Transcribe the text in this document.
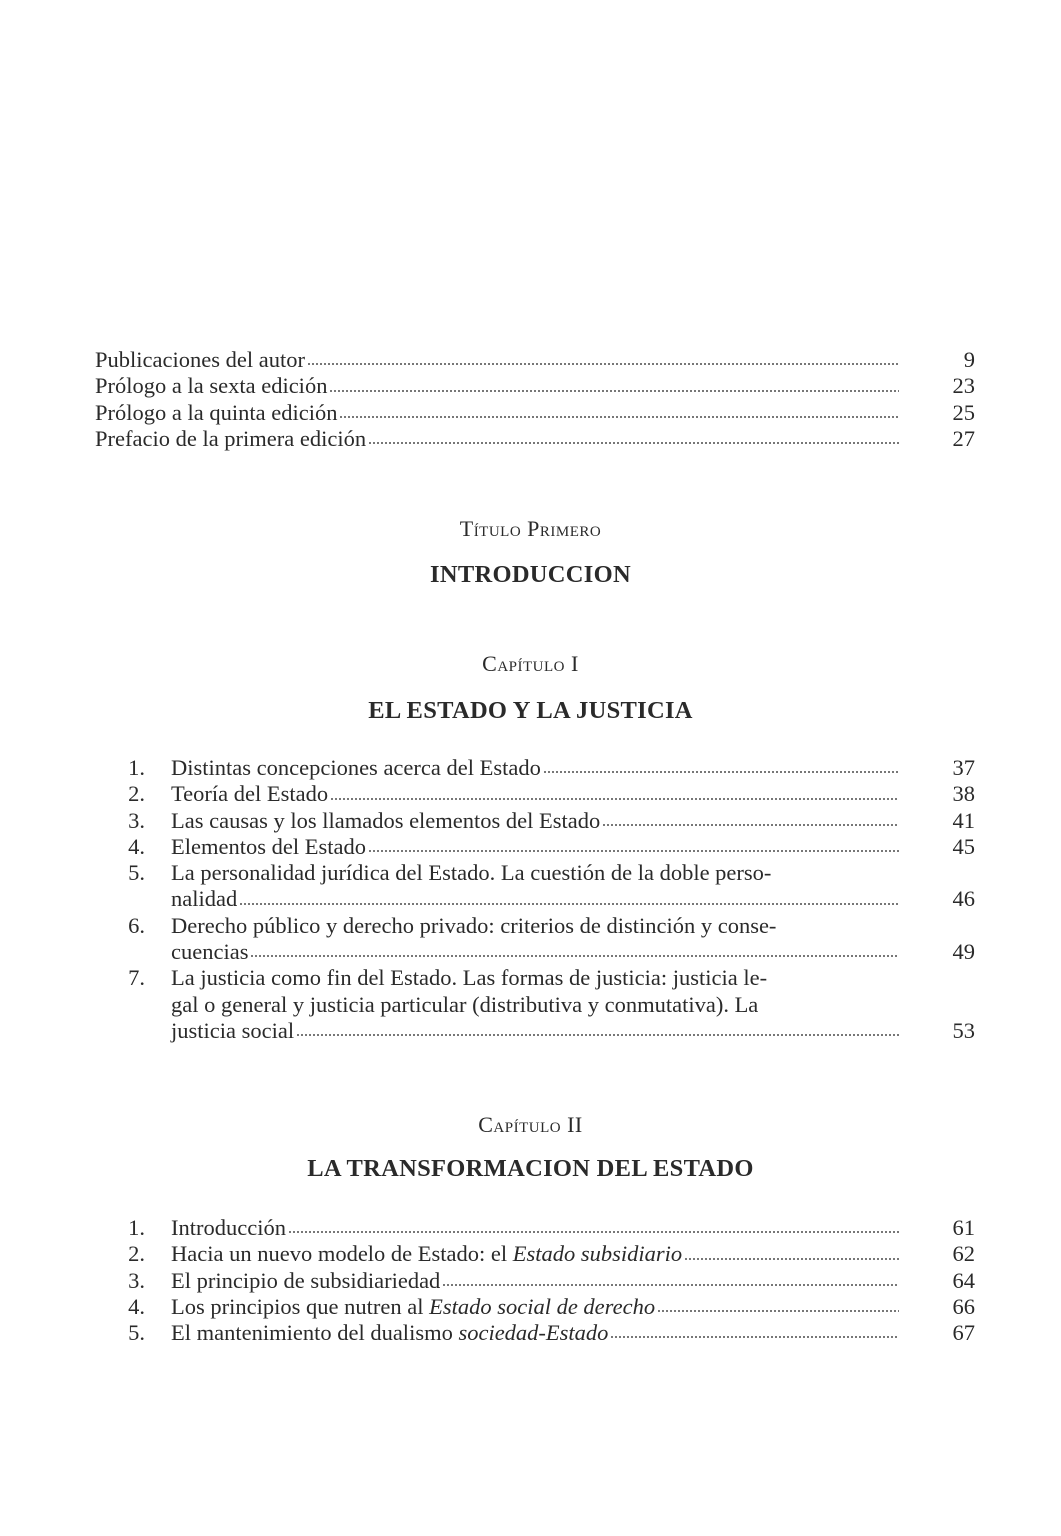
Publicaciones del autor	9
Prólogo a la sexta edición	23
Prólogo a la quinta edición	25
Prefacio de la primera edición	27
Título Primero
INTRODUCCION
Capítulo I
EL ESTADO Y LA JUSTICIA
1.	Distintas concepciones acerca del Estado	37
2.	Teoría del Estado	38
3.	Las causas y los llamados elementos del Estado	41
4.	Elementos del Estado	45
5.	La personalidad jurídica del Estado. La cuestión de la doble perso-
nalidad	46
6.	Derecho público y derecho privado: criterios de distinción y conse-
cuencias	49
7.	La justicia como fin del Estado. Las formas de justicia: justicia le-
gal o general y justicia particular (distributiva y conmutativa). La
justicia social	53
Capítulo II
LA TRANSFORMACION DEL ESTADO
1.	Introducción	61
2.	Hacia un nuevo modelo de Estado: el Estado subsidiario	62
3.	El principio de subsidiariedad	64
4.	Los principios que nutren al Estado social de derecho	66
5.	El mantenimiento del dualismo sociedad-Estado	67
